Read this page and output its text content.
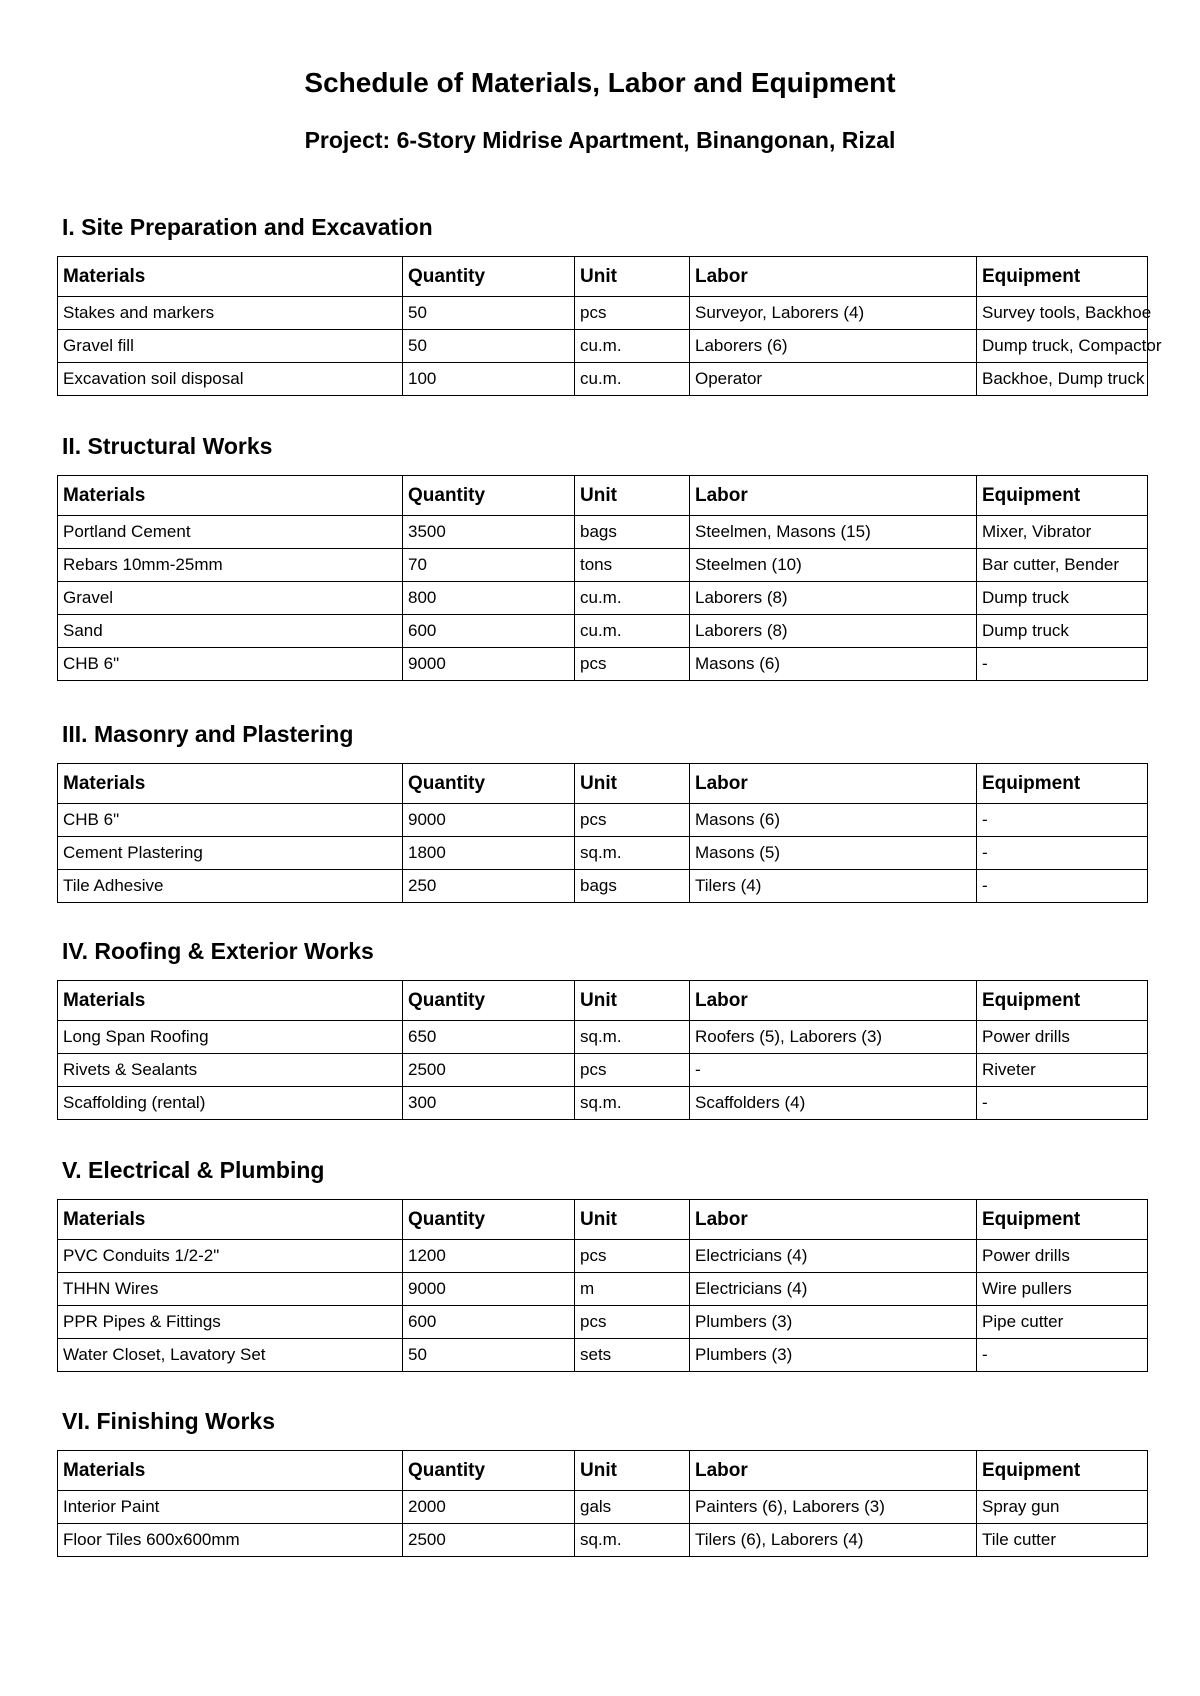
Schedule of Materials, Labor and Equipment
Project: 6-Story Midrise Apartment, Binangonan, Rizal
I. Site Preparation and Excavation
Materials	Quantity	Unit	Labor	Equipment
Stakes and markers	50	pcs	Surveyor, Laborers (4)	Survey tools, Backhoe
Gravel fill	50	cu.m.	Laborers (6)	Dump truck, Compactor
Excavation soil disposal	100	cu.m.	Operator	Backhoe, Dump truck
II. Structural Works
Materials	Quantity	Unit	Labor	Equipment
Portland Cement	3500	bags	Steelmen, Masons (15)	Mixer, Vibrator
Rebars 10mm-25mm	70	tons	Steelmen (10)	Bar cutter, Bender
Gravel	800	cu.m.	Laborers (8)	Dump truck
Sand	600	cu.m.	Laborers (8)	Dump truck
CHB 6"	9000	pcs	Masons (6)	-
III. Masonry and Plastering
Materials	Quantity	Unit	Labor	Equipment
CHB 6"	9000	pcs	Masons (6)	-
Cement Plastering	1800	sq.m.	Masons (5)	-
Tile Adhesive	250	bags	Tilers (4)	-
IV. Roofing & Exterior Works
Materials	Quantity	Unit	Labor	Equipment
Long Span Roofing	650	sq.m.	Roofers (5), Laborers (3)	Power drills
Rivets & Sealants	2500	pcs	-	Riveter
Scaffolding (rental)	300	sq.m.	Scaffolders (4)	-
V. Electrical & Plumbing
Materials	Quantity	Unit	Labor	Equipment
PVC Conduits 1/2-2"	1200	pcs	Electricians (4)	Power drills
THHN Wires	9000	m	Electricians (4)	Wire pullers
PPR Pipes & Fittings	600	pcs	Plumbers (3)	Pipe cutter
Water Closet, Lavatory Set	50	sets	Plumbers (3)	-
VI. Finishing Works
Materials	Quantity	Unit	Labor	Equipment
Interior Paint	2000	gals	Painters (6), Laborers (3)	Spray gun
Floor Tiles 600x600mm	2500	sq.m.	Tilers (6), Laborers (4)	Tile cutter
